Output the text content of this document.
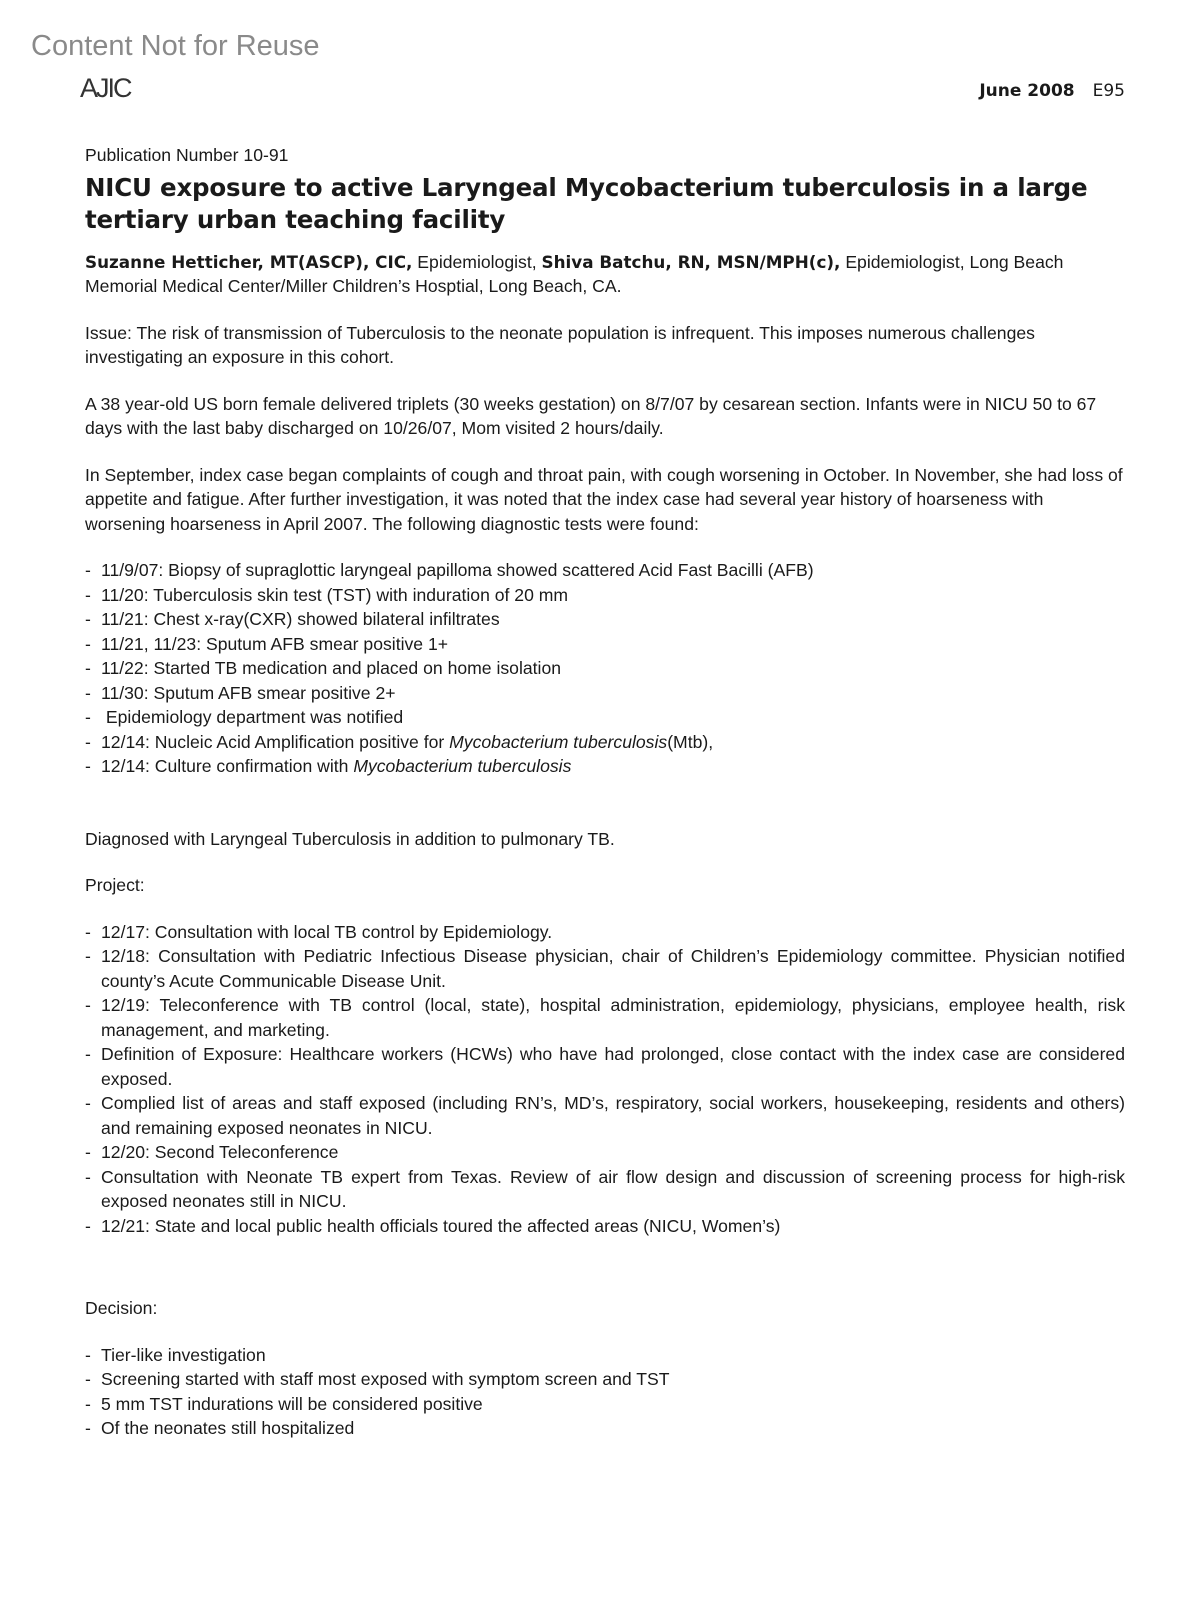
Content Not for Reuse
AJIC	June 2008 E95
Publication Number 10-91
NICU exposure to active Laryngeal Mycobacterium tuberculosis in a large tertiary urban teaching facility

Suzanne Hetticher, MT(ASCP), CIC, Epidemiologist, Shiva Batchu, RN, MSN/MPH(c), Epidemiologist, Long Beach Memorial Medical Center/Miller Children’s Hosptial, Long Beach, CA.

Issue: The risk of transmission of Tuberculosis to the neonate population is infrequent. This imposes numerous challenges investigating an exposure in this cohort.

A 38 year-old US born female delivered triplets (30 weeks gestation) on 8/7/07 by cesarean section. Infants were in NICU 50 to 67 days with the last baby discharged on 10/26/07, Mom visited 2 hours/daily.

In September, index case began complaints of cough and throat pain, with cough worsening in October. In November, she had loss of appetite and fatigue. After further investigation, it was noted that the index case had several year history of hoarseness with worsening hoarseness in April 2007. The following diagnostic tests were found:

- 11/9/07: Biopsy of supraglottic laryngeal papilloma showed scattered Acid Fast Bacilli (AFB)
- 11/20: Tuberculosis skin test (TST) with induration of 20 mm
- 11/21: Chest x-ray(CXR) showed bilateral infiltrates
- 11/21, 11/23: Sputum AFB smear positive 1+
- 11/22: Started TB medication and placed on home isolation
- 11/30: Sputum AFB smear positive 2+
-  Epidemiology department was notified
- 12/14: Nucleic Acid Amplification positive for Mycobacterium tuberculosis(Mtb),
- 12/14: Culture confirmation with Mycobacterium tuberculosis

Diagnosed with Laryngeal Tuberculosis in addition to pulmonary TB.

Project:

- 12/17: Consultation with local TB control by Epidemiology.
- 12/18: Consultation with Pediatric Infectious Disease physician, chair of Children’s Epidemiology committee. Physician notified county’s Acute Communicable Disease Unit.
- 12/19: Teleconference with TB control (local, state), hospital administration, epidemiology, physicians, employee health, risk management, and marketing.
- Definition of Exposure: Healthcare workers (HCWs) who have had prolonged, close contact with the index case are considered exposed.
- Complied list of areas and staff exposed (including RN’s, MD’s, respiratory, social workers, housekeeping, residents and others) and remaining exposed neonates in NICU.
- 12/20: Second Teleconference
- Consultation with Neonate TB expert from Texas. Review of air flow design and discussion of screening process for high-risk exposed neonates still in NICU.
- 12/21: State and local public health officials toured the affected areas (NICU, Women’s)

Decision:

- Tier-like investigation
- Screening started with staff most exposed with symptom screen and TST
- 5 mm TST indurations will be considered positive
- Of the neonates still hospitalized
